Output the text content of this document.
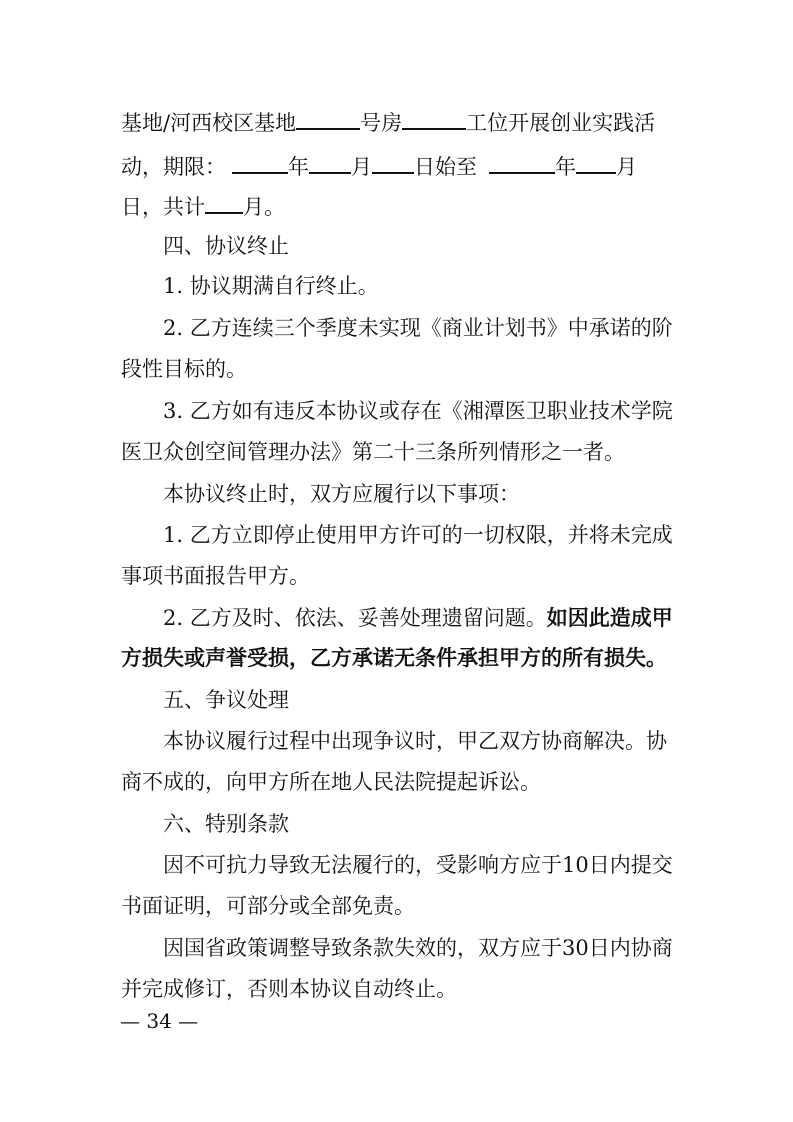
基地/河西校区基地	号房	工位开展创业实践活
动，期限：	年 月 日始至	年 月
日，共计 月。
四、协议终止
1. 协议期满自行终止。
2. 乙方连续三个季度未实现《商业计划书》中承诺的阶
段性目标的。
3. 乙方如有违反本协议或存在《湘潭医卫职业技术学院
医卫众创空间管理办法》第二十三条所列情形之一者。
本协议终止时，双方应履行以下事项：
1. 乙方立即停止使用甲方许可的一切权限，并将未完成
事项书面报告甲方。
2. 乙方及时、依法、妥善处理遗留问题。如因此造成甲
方损失或声誉受损，乙方承诺无条件承担甲方的所有损失。
五、争议处理
本协议履行过程中出现争议时，甲乙双方协商解决。协
商不成的，向甲方所在地人民法院提起诉讼。
六、特别条款
因不可抗力导致无法履行的，受影响方应于10日内提交
书面证明，可部分或全部免责。
因国省政策调整导致条款失效的，双方应于30日内协商
并完成修订，否则本协议自动终止。
— 34 —
